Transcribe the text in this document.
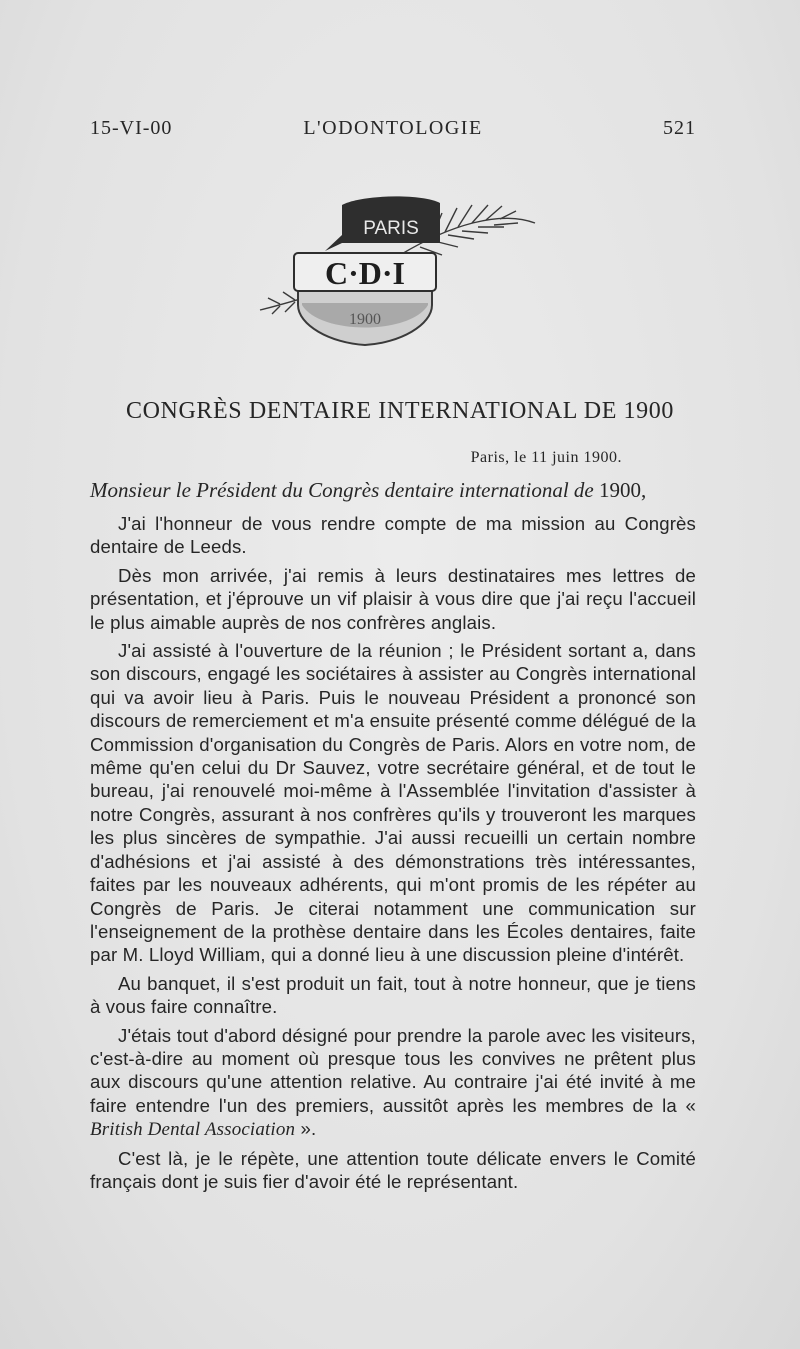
15-VI-00	L'ODONTOLOGIE	521
PARIS
C·D·I
1900
CONGRÈS DENTAIRE INTERNATIONAL DE 1900
Paris, le 11 juin 1900.
Monsieur le Président du Congrès dentaire international de 1900,

J'ai l'honneur de vous rendre compte de ma mission au Congrès dentaire de Leeds.

Dès mon arrivée, j'ai remis à leurs destinataires mes lettres de présentation, et j'éprouve un vif plaisir à vous dire que j'ai reçu l'accueil le plus aimable auprès de nos confrères anglais.

J'ai assisté à l'ouverture de la réunion ; le Président sortant a, dans son discours, engagé les sociétaires à assister au Congrès international qui va avoir lieu à Paris. Puis le nouveau Président a prononcé son discours de remerciement et m'a ensuite présenté comme délégué de la Commission d'organisation du Congrès de Paris. Alors en votre nom, de même qu'en celui du Dr Sauvez, votre secrétaire général, et de tout le bureau, j'ai renouvelé moi-même à l'Assemblée l'invitation d'assister à notre Congrès, assurant à nos confrères qu'ils y trouveront les marques les plus sincères de sympathie. J'ai aussi recueilli un certain nombre d'adhésions et j'ai assisté à des démonstrations très intéressantes, faites par les nouveaux adhérents, qui m'ont promis de les répéter au Congrès de Paris. Je citerai notamment une communication sur l'enseignement de la prothèse dentaire dans les Écoles dentaires, faite par M. Lloyd William, qui a donné lieu à une discussion pleine d'intérêt.

Au banquet, il s'est produit un fait, tout à notre honneur, que je tiens à vous faire connaître.

J'étais tout d'abord désigné pour prendre la parole avec les visiteurs, c'est-à-dire au moment où presque tous les convives ne prêtent plus aux discours qu'une attention relative. Au contraire j'ai été invité à me faire entendre l'un des premiers, aussitôt après les membres de la « British Dental Association ».

C'est là, je le répète, une attention toute délicate envers le Comité français dont je suis fier d'avoir été le représentant.
